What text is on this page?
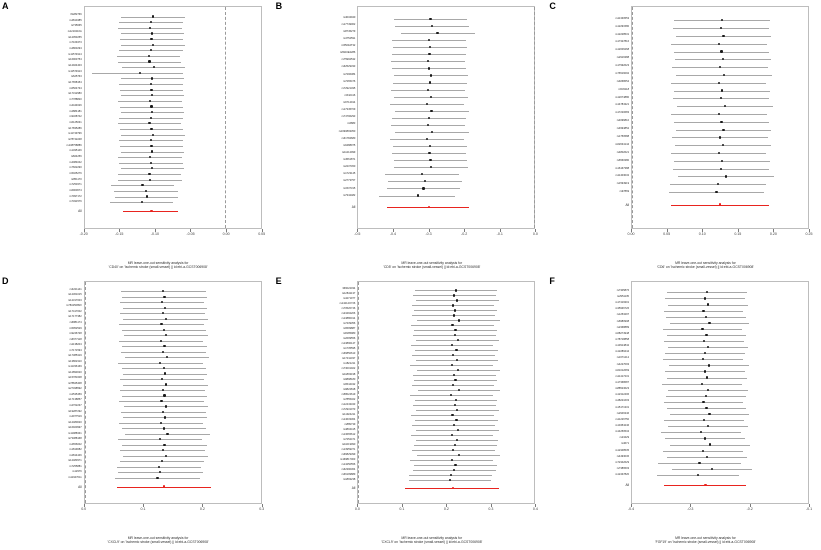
A
rf1282766
rs4810485
rs735665
rs1210216A
rs12053255
rs7169473
rs4803294
rs11574914
rs16903754
rs12924403
rs11574913
rs625763
rs17658154
rs6504734
rs17312980
rs7788820
rs4444626
rs2884181
rs9328742
rs6125031
rs17835286
rs11749796
rs78742248
rs138758886
rs1495146
rs824256
rs4084042
rs7662290
rs5025276
rs851170
rs7250371
rs6900674
rs7997172
rs7491576
All
-0.20	-0.15	-0.10	-0.05	0.00	0.05
MR leave-one-out sensitivity analysis for
'CD40' on 'Ischemic stroke (small-vessel) || id:ebi-a-GCST006908'
B
rs4034940
rs17749062
rs8745279
rs4752591
rs5503AT32
rs6916E2286
rs75992532
rs62529333
rs7296384
rs7265476
rs72921495
rs542416
rs6712914
rs17345709
rs74796293
rs6883
rs1690893350
rs61784680
rs6488975
rs11212999
rs4561871
rs2237450
rs1723145
rs2773757
rs1537315
rs7342482
All
-0.5	-0.4	-0.3	-0.2	-0.1	0.0
MR leave-one-out sensitivity analysis for
'CD5' on 'Ischemic stroke (small-vessel) || id:ebi-a-GCST006908'
C
rs11330553
rs12291580
rs12228531
rs17327816
rs12006268
rs2916388
rs17992623
rs76516092
rs9268654
rs533118
rs12074880
rs14784321
rs17220683
rs4696810
rs9394852
rs1750588
rs62634144
rs4802621
rs6560380
rs16167388
rs11403032
rs1594919
rs97869
All
0.00	0.05	0.10	0.15	0.20	0.25
MR leave-one-out sensitivity analysis for
'CD6' on 'Ischemic stroke (small-vessel) || id:ebi-a-GCST006908'
D
rs3221141
rs12361015
rs12317003
rs78415089X
rs17417002
rs17177382
rs6881174
rs5952529
rs9246728
rs6677118
rs1138204
rs7171594
rs17385319
rs13862310
rs11336169
rs12893020
rs15781608
rs78845408
rs27498592
rs2535459
rs17138857
rs2762237
rs19287292
rs4977519
rs12480020
rs16920997
rs11988331
rs73388168
rs4656002
rs1819082
rs2814446
rs12483971
rs7255881
rs12976
rs11947011
All
0.0	0.1	0.2	0.3
MR leave-one-out sensitivity analysis for
'CXCL9' on 'Ischemic stroke (small-vessel) || id:ebi-a-GCST006908'
E
366022034
rs12841137
rs4271977
rs14214O726
rs70520746
rs23492206
rs13880014
rs7439356
rs6599887
rs8185980
rs2699556
rs13890147
rs1735595
rs66850613
rs17311037
rs1821211
rs73001922
rs11893198
rs9898180
rs6544432
rs9822818
rs58024619
rs7855322
rs12443343
rs72931073
rs11924211
rs14633364
rs889739
rs4804415
rs13665612
rs7252471
rs11019990
rs13959371
rs66829399
rs169817003
rs14250556
rs62390364
rs66199889
rs1893238
All
0.0	0.1	0.2	0.3	0.4
MR leave-one-out sensitivity analysis for
'CXCL9' on 'Ischemic stroke (small-vessel) || id:ebi-a-GCST006908'
F
rs7305876
rs2951135
rs17419301
rs35936726
rs1253297
rs6980908
rs2368889
rs68274948
rs78718858
rs13914842
rs12289444
rs1671212
rs4227093
rs61012669
rs11417231
rs17368687
rs88523623
rs12312406
rs48221603
rs15171331
rs2946346
rs11226750
rs10454246
rs14250534
rs23429
rs4671
rs12348535
rs4493036
rs72342629
rs7386503
rs12437820
All
-0.4	-0.3	-0.2	-0.1
MR leave-one-out sensitivity analysis for
'FGF19' on 'Ischemic stroke (small-vessel) || id:ebi-a-GCST006908'
